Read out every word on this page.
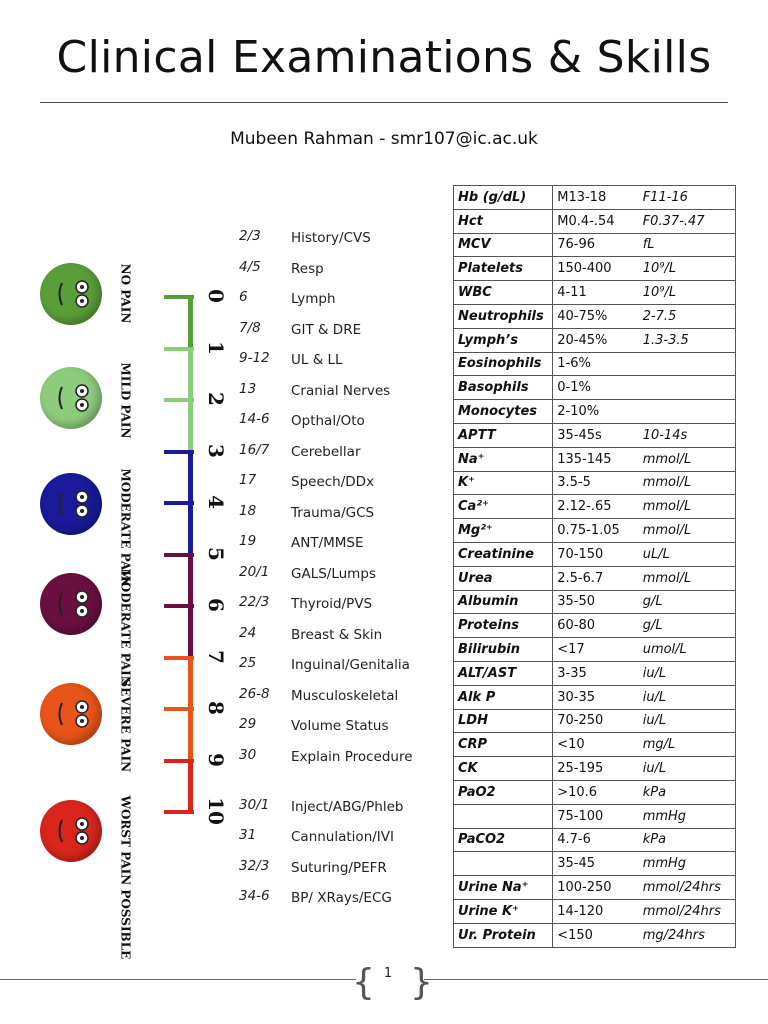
Clinical Examinations & Skills
Mubeen Rahman - smr107@ic.ac.uk
0
1
2
3
4
5
6
7
8
9
10
NO PAIN
MILD PAIN
MODERATE PAIN
MODERATE PAIN
SEVERE PAIN
WORST PAIN POSSIBLE
2/3 History/CVS
4/5 Resp
6	Lymph
7/8 GIT & DRE
9-12 UL & LL
13	Cranial Nerves
14-6 Opthal/Oto
16/7 Cerebellar
17	Speech/DDx
18	Trauma/GCS
19	ANT/MMSE
20/1 GALS/Lumps
22/3 Thyroid/PVS
24	Breast & Skin
25	Inguinal/Genitalia
26-8 Musculoskeletal
29	Volume Status
30	Explain Procedure
30/1 Inject/ABG/Phleb
31	Cannulation/IVI
32/3 Suturing/PEFR
34-6 BP/ XRays/ECG
Hb (g/dL)	M13-18	F11-16
Hct	M0.4-.54	F0.37-.47
MCV	76-96	fL
Platelets	150-400	10⁹/L
WBC	4-11	10⁹/L
Neutrophils	40-75%	2-7.5
Lymph’s	20-45%	1.3-3.5
Eosinophils	1-6%	
Basophils	0-1%	
Monocytes	2-10%	
APTT	35-45s	10-14s
Na⁺	135-145	mmol/L
K⁺	3.5-5	mmol/L
Ca²⁺	2.12-.65	mmol/L
Mg²⁺	0.75-1.05	mmol/L
Creatinine	70-150	uL/L
Urea	2.5-6.7	mmol/L
Albumin	35-50	g/L
Proteins	60-80	g/L
Bilirubin	<17	umol/L
ALT/AST	3-35	iu/L
Alk P	30-35	iu/L
LDH	70-250	iu/L
CRP	<10	mg/L
CK	25-195	iu/L
PaO2	>10.6	kPa
	75-100	mmHg
PaCO2	4.7-6	kPa
	35-45	mmHg
Urine Na⁺	100-250	mmol/24hrs
Urine K⁺	14-120	mmol/24hrs
Ur. Protein	<150	mg/24hrs
{ }
1
